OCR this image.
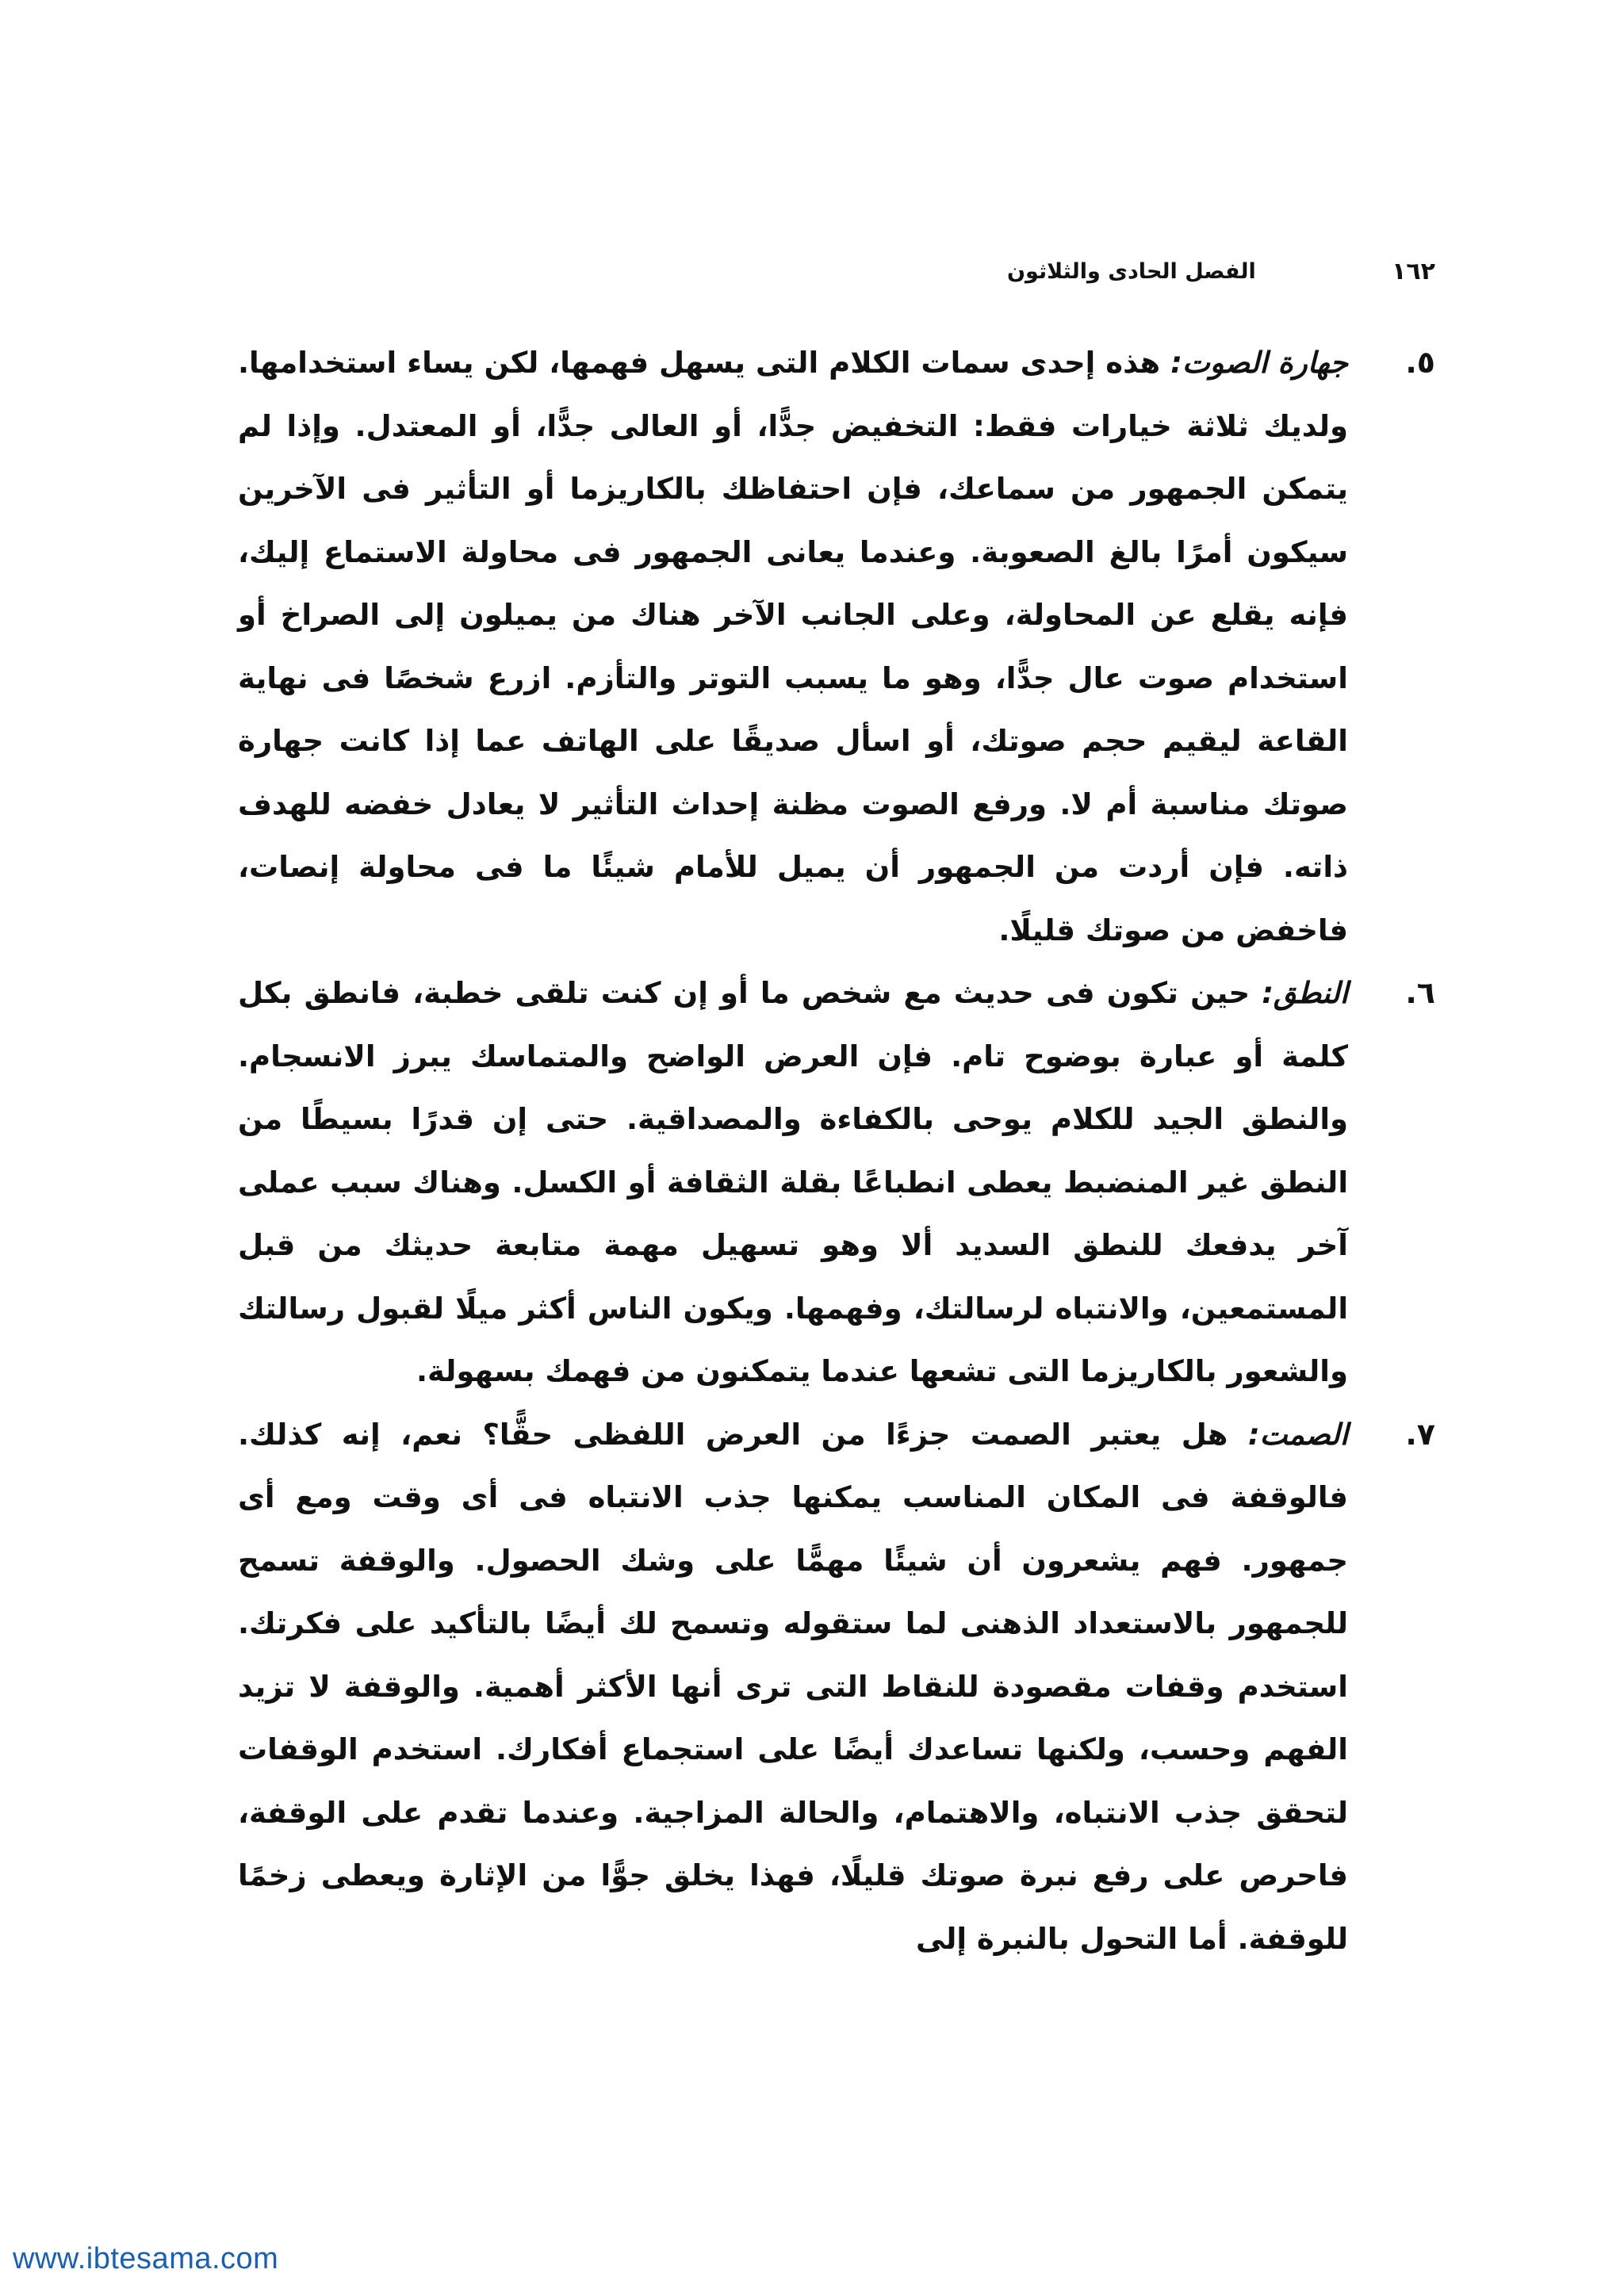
١٦٢
الفصل الحادى والثلاثون
٥.
جهارة الصوت: هذه إحدى سمات الكلام التى يسهل فهمها، لكن يساء استخدامها. ولديك ثلاثة خيارات فقط: التخفيض جدًّا، أو العالى جدًّا، أو المعتدل. وإذا لم يتمكن الجمهور من سماعك، فإن احتفاظك بالكاريزما أو التأثير فى الآخرين سيكون أمرًا بالغ الصعوبة. وعندما يعانى الجمهور فى محاولة الاستماع إليك، فإنه يقلع عن المحاولة، وعلى الجانب الآخر هناك من يميلون إلى الصراخ أو استخدام صوت عال جدًّا، وهو ما يسبب التوتر والتأزم. ازرع شخصًا فى نهاية القاعة ليقيم حجم صوتك، أو اسأل صديقًا على الهاتف عما إذا كانت جهارة صوتك مناسبة أم لا. ورفع الصوت مظنة إحداث التأثير لا يعادل خفضه للهدف ذاته. فإن أردت من الجمهور أن يميل للأمام شيئًا ما فى محاولة إنصات، فاخفض من صوتك قليلًا.
٦.
النطق: حين تكون فى حديث مع شخص ما أو إن كنت تلقى خطبة، فانطق بكل كلمة أو عبارة بوضوح تام. فإن العرض الواضح والمتماسك يبرز الانسجام. والنطق الجيد للكلام يوحى بالكفاءة والمصداقية. حتى إن قدرًا بسيطًا من النطق غير المنضبط يعطى انطباعًا بقلة الثقافة أو الكسل. وهناك سبب عملى آخر يدفعك للنطق السديد ألا وهو تسهيل مهمة متابعة حديثك من قبل المستمعين، والانتباه لرسالتك، وفهمها. ويكون الناس أكثر ميلًا لقبول رسالتك والشعور بالكاريزما التى تشعها عندما يتمكنون من فهمك بسهولة.
٧.
الصمت: هل يعتبر الصمت جزءًا من العرض اللفظى حقًّا؟ نعم، إنه كذلك. فالوقفة فى المكان المناسب يمكنها جذب الانتباه فى أى وقت ومع أى جمهور. فهم يشعرون أن شيئًا مهمًّا على وشك الحصول. والوقفة تسمح للجمهور بالاستعداد الذهنى لما ستقوله وتسمح لك أيضًا بالتأكيد على فكرتك. استخدم وقفات مقصودة للنقاط التى ترى أنها الأكثر أهمية. والوقفة لا تزيد الفهم وحسب، ولكنها تساعدك أيضًا على استجماع أفكارك. استخدم الوقفات لتحقق جذب الانتباه، والاهتمام، والحالة المزاجية. وعندما تقدم على الوقفة، فاحرص على رفع نبرة صوتك قليلًا، فهذا يخلق جوًّا من الإثارة ويعطى زخمًا للوقفة. أما التحول بالنبرة إلى
www.ibtesama.com
